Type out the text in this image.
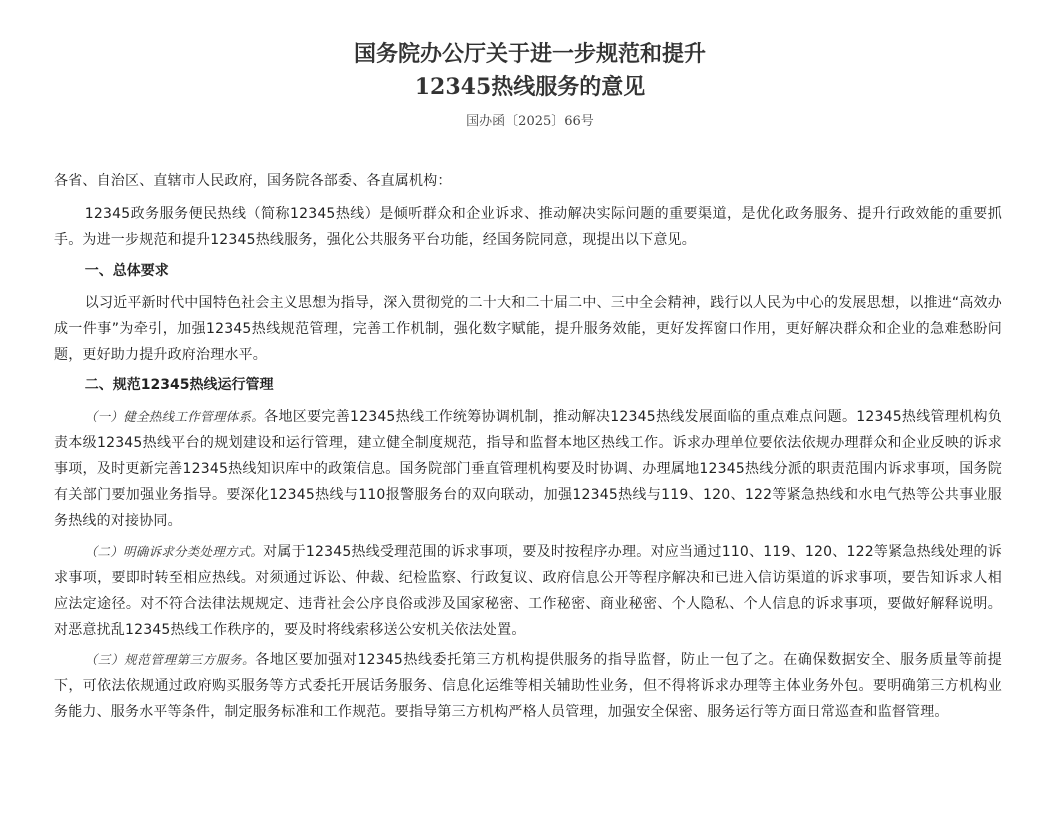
国务院办公厅关于进一步规范和提升
12345热线服务的意见
国办函〔2025〕66号

各省、自治区、直辖市人民政府，国务院各部委、各直属机构：

12345政务服务便民热线（简称12345热线）是倾听群众和企业诉求、推动解决实际问题的重要渠道，是优化政务服务、提升行政效能的重要抓手。为进一步规范和提升12345热线服务，强化公共服务平台功能，经国务院同意，现提出以下意见。

一、总体要求

以习近平新时代中国特色社会主义思想为指导，深入贯彻党的二十大和二十届二中、三中全会精神，践行以人民为中心的发展思想，以推进“高效办成一件事”为牵引，加强12345热线规范管理，完善工作机制，强化数字赋能，提升服务效能，更好发挥窗口作用，更好解决群众和企业的急难愁盼问题，更好助力提升政府治理水平。

二、规范12345热线运行管理

（一）健全热线工作管理体系。各地区要完善12345热线工作统筹协调机制，推动解决12345热线发展面临的重点难点问题。12345热线管理机构负责本级12345热线平台的规划建设和运行管理，建立健全制度规范，指导和监督本地区热线工作。诉求办理单位要依法依规办理群众和企业反映的诉求事项，及时更新完善12345热线知识库中的政策信息。国务院部门垂直管理机构要及时协调、办理属地12345热线分派的职责范围内诉求事项，国务院有关部门要加强业务指导。要深化12345热线与110报警服务台的双向联动，加强12345热线与119、120、122等紧急热线和水电气热等公共事业服务热线的对接协同。

（二）明确诉求分类处理方式。对属于12345热线受理范围的诉求事项，要及时按程序办理。对应当通过110、119、120、122等紧急热线处理的诉求事项，要即时转至相应热线。对须通过诉讼、仲裁、纪检监察、行政复议、政府信息公开等程序解决和已进入信访渠道的诉求事项，要告知诉求人相应法定途径。对不符合法律法规规定、违背社会公序良俗或涉及国家秘密、工作秘密、商业秘密、个人隐私、个人信息的诉求事项，要做好解释说明。对恶意扰乱12345热线工作秩序的，要及时将线索移送公安机关依法处置。

（三）规范管理第三方服务。各地区要加强对12345热线委托第三方机构提供服务的指导监督，防止一包了之。在确保数据安全、服务质量等前提下，可依法依规通过政府购买服务等方式委托开展话务服务、信息化运维等相关辅助性业务，但不得将诉求办理等主体业务外包。要明确第三方机构业务能力、服务水平等条件，制定服务标准和工作规范。要指导第三方机构严格人员管理，加强安全保密、服务运行等方面日常巡查和监督管理。
